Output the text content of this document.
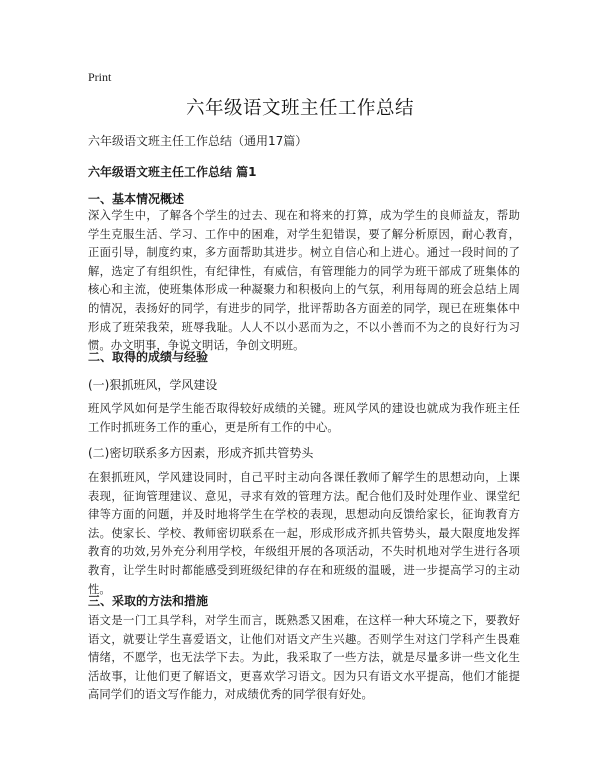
Print
六年级语文班主任工作总结
六年级语文班主任工作总结（通用17篇）
六年级语文班主任工作总结 篇1
一、基本情况概述
深入学生中，了解各个学生的过去、现在和将来的打算，成为学生的良师益友，帮助学生克服生活、学习、工作中的困难，对学生犯错误，要了解分析原因，耐心教育，正面引导，制度约束，多方面帮助其进步。树立自信心和上进心。通过一段时间的了解，选定了有组织性，有纪律性，有威信，有管理能力的同学为班干部成了班集体的核心和主流，使班集体形成一种凝聚力和积极向上的气氛，利用每周的班会总结上周的情况，表扬好的同学，有进步的同学，批评帮助各方面差的同学，现已在班集体中形成了班荣我荣，班辱我耻。人人不以小恶而为之，不以小善而不为之的良好行为习惯。办文明事，争说文明话，争创文明班。
二、取得的成绩与经验
(一)狠抓班风，学风建设
班风学风如何是学生能否取得较好成绩的关键。班风学风的建设也就成为我作班主任工作时抓班务工作的重心，更是所有工作的中心。
(二)密切联系多方因素，形成齐抓共管势头
在狠抓班风，学风建设同时，自己平时主动向各课任教师了解学生的思想动向，上课表现，征询管理建议、意见，寻求有效的管理方法。配合他们及时处理作业、课堂纪律等方面的问题，并及时地将学生在学校的表现，思想动向反馈给家长，征询教育方法。使家长、学校、教师密切联系在一起，形成形成齐抓共管势头，最大限度地发挥教育的功效,另外充分利用学校，年级组开展的各项活动，不失时机地对学生进行各项教育，让学生时时都能感受到班级纪律的存在和班级的温暖，进一步提高学习的主动性。
三、采取的方法和措施
语文是一门工具学科，对学生而言，既熟悉又困难，在这样一种大环境之下，要教好语文，就要让学生喜爱语文，让他们对语文产生兴趣。否则学生对这门学科产生畏难情绪，不愿学，也无法学下去。为此，我采取了一些方法，就是尽量多讲一些文化生活故事，让他们更了解语文，更喜欢学习语文。因为只有语文水平提高，他们才能提高同学们的语文写作能力，对成绩优秀的同学很有好处。
